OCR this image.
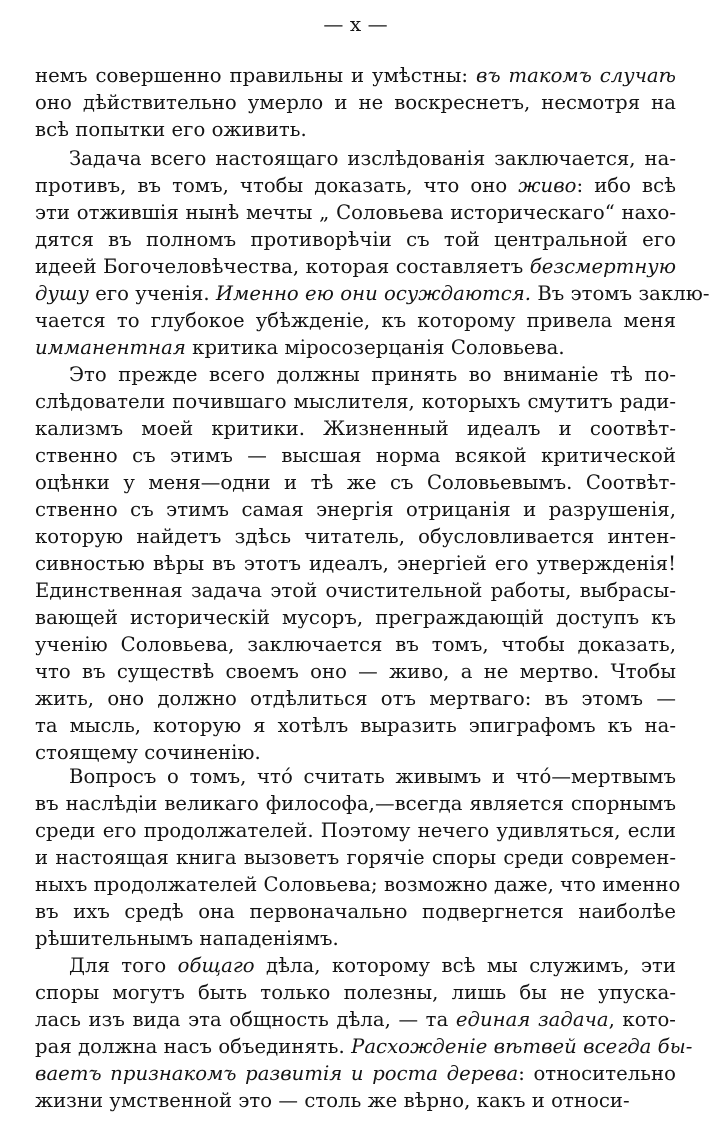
— x —
немъ совершенно правильны и умѣстны: въ такомъ случаѣ
оно дѣйствительно умерло и не воскреснетъ, несмотря на
всѣ попытки его оживить.
Задача всего настоящаго изслѣдованія заключается, на-
противъ, въ томъ, чтобы доказать, что оно живо: ибо всѣ
эти отжившія нынѣ мечты „ Соловьева историческаго“ нахо-
дятся въ полномъ противорѣчіи съ той центральной его
идеей Богочеловѣчества, которая составляетъ безсмертную
душу его ученія. Именно ею они осуждаются. Въ этомъ заклю-
чается то глубокое убѣжденіе, къ которому привела меня
имманентная критика міросозерцанія Соловьева.
Это прежде всего должны принять во вниманіе тѣ по-
слѣдователи почившаго мыслителя, которыхъ смутитъ ради-
кализмъ моей критики. Жизненный идеалъ и соотвѣт-
ственно съ этимъ — высшая норма всякой критической
оцѣнки у меня—одни и тѣ же съ Соловьевымъ. Соотвѣт-
ственно съ этимъ самая энергія отрицанія и разрушенія,
которую найдетъ здѣсь читатель, обусловливается интен-
сивностью вѣры въ этотъ идеалъ, энергіей его утвержденія!
Единственная задача этой очистительной работы, выбрасы-
вающей историческій мусоръ, преграждающій доступъ къ
ученію Соловьева, заключается въ томъ, чтобы доказать,
что въ существѣ своемъ оно — живо, а не мертво. Чтобы
жить, оно должно отдѣлиться отъ мертваго: въ этомъ —
та мысль, которую я хотѣлъ выразить эпиграфомъ къ на-
стоящему сочиненію.
Вопросъ о томъ, что́ считать живымъ и что́—мертвымъ
въ наслѣдіи великаго философа,—всегда является спорнымъ
среди его продолжателей. Поэтому нечего удивляться, если
и настоящая книга вызоветъ горячіе споры среди современ-
ныхъ продолжателей Соловьева; возможно даже, что именно
въ ихъ средѣ она первоначально подвергнется наиболѣе
рѣшительнымъ нападеніямъ.
Для того общаго дѣла, которому всѣ мы служимъ, эти
споры могутъ быть только полезны, лишь бы не упуска-
лась изъ вида эта общность дѣла, — та единая задача, кото-
рая должна насъ объединять. Расхожденіе вѣтвей всегда бы-
ваетъ признакомъ развитія и роста дерева: относительно
жизни умственной это — столь же вѣрно, какъ и относи-
